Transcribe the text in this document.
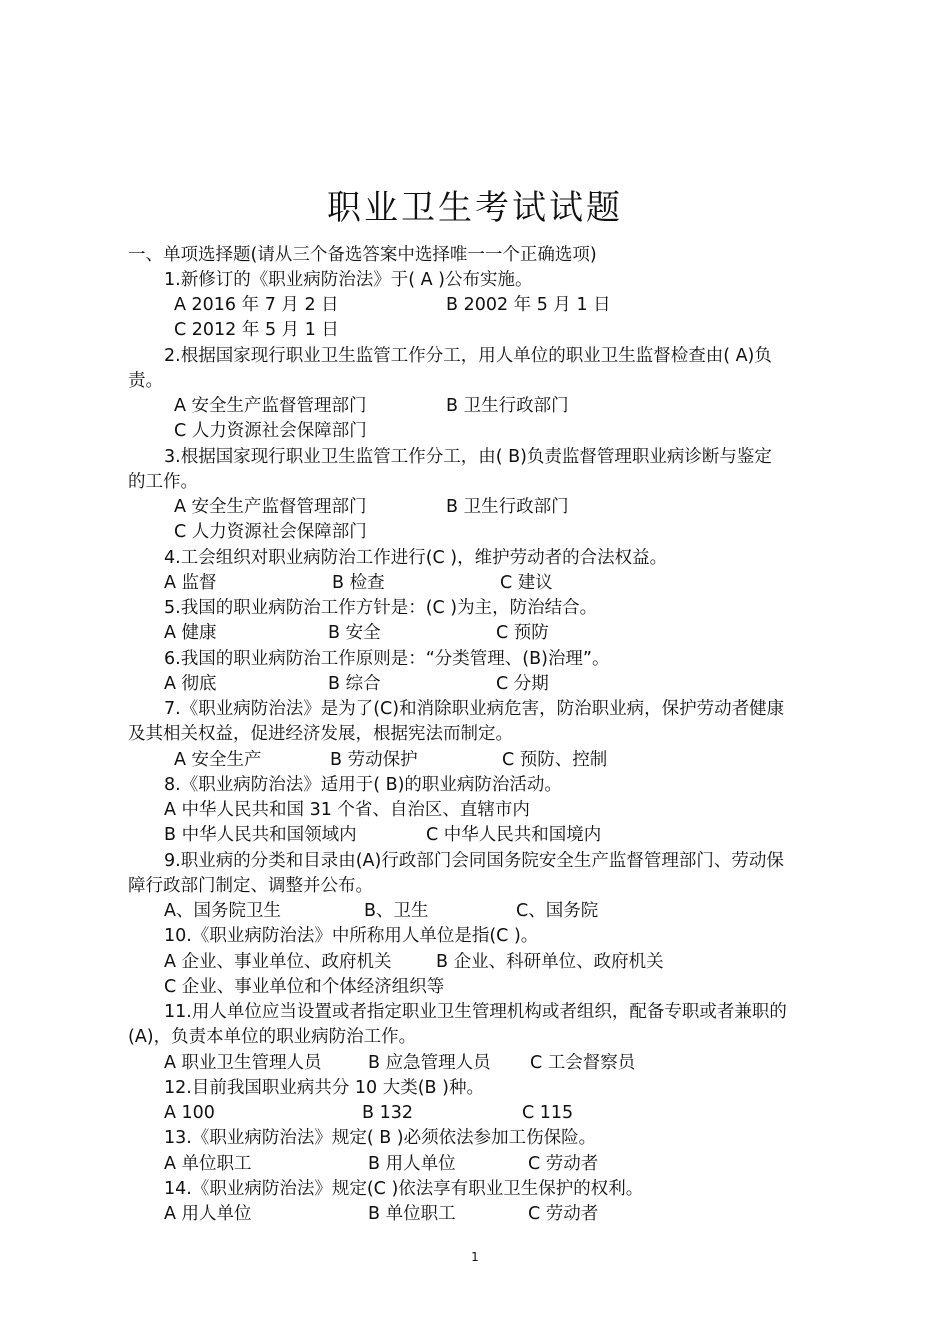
职业卫生考试试题
一、单项选择题(请从三个备选答案中选择唯一一个正确选项)
1.新修订的《职业病防治法》于( A )公布实施。
A 2016 年 7 月 2 日	B 2002 年 5 月 1 日
C 2012 年 5 月 1 日
2.根据国家现行职业卫生监管工作分工，用人单位的职业卫生监督检查由( A)负
责。
A 安全生产监督管理部门	B 卫生行政部门
C 人力资源社会保障部门
3.根据国家现行职业卫生监管工作分工，由( B)负责监督管理职业病诊断与鉴定
的工作。
A 安全生产监督管理部门	B 卫生行政部门
C 人力资源社会保障部门
4.工会组织对职业病防治工作进行(C )，维护劳动者的合法权益。
A 监督	B 检查	C 建议
5.我国的职业病防治工作方针是：(C )为主，防治结合。
A 健康	B 安全	C 预防
6.我国的职业病防治工作原则是：“分类管理、(B)治理”。
A 彻底	B 综合	C 分期
7.《职业病防治法》是为了(C)和消除职业病危害，防治职业病，保护劳动者健康
及其相关权益，促进经济发展，根据宪法而制定。
A 安全生产	B 劳动保护	C 预防、控制
8.《职业病防治法》适用于( B)的职业病防治活动。
A 中华人民共和国 31 个省、自治区、直辖市内
B 中华人民共和国领域内	C 中华人民共和国境内
9.职业病的分类和目录由(A)行政部门会同国务院安全生产监督管理部门、劳动保
障行政部门制定、调整并公布。
A、国务院卫生	B、卫生	C、国务院
10.《职业病防治法》中所称用人单位是指(C )。
A 企业、事业单位、政府机关	B 企业、科研单位、政府机关
C 企业、事业单位和个体经济组织等
11.用人单位应当设置或者指定职业卫生管理机构或者组织，配备专职或者兼职的
(A)，负责本单位的职业病防治工作。
A 职业卫生管理人员	B 应急管理人员 C 工会督察员
12.目前我国职业病共分 10 大类(B )种。
A 100	B 132	C 115
13.《职业病防治法》规定( B )必须依法参加工伤保险。
A 单位职工	B 用人单位	C 劳动者
14.《职业病防治法》规定(C )依法享有职业卫生保护的权利。
A 用人单位	B 单位职工	C 劳动者
1
